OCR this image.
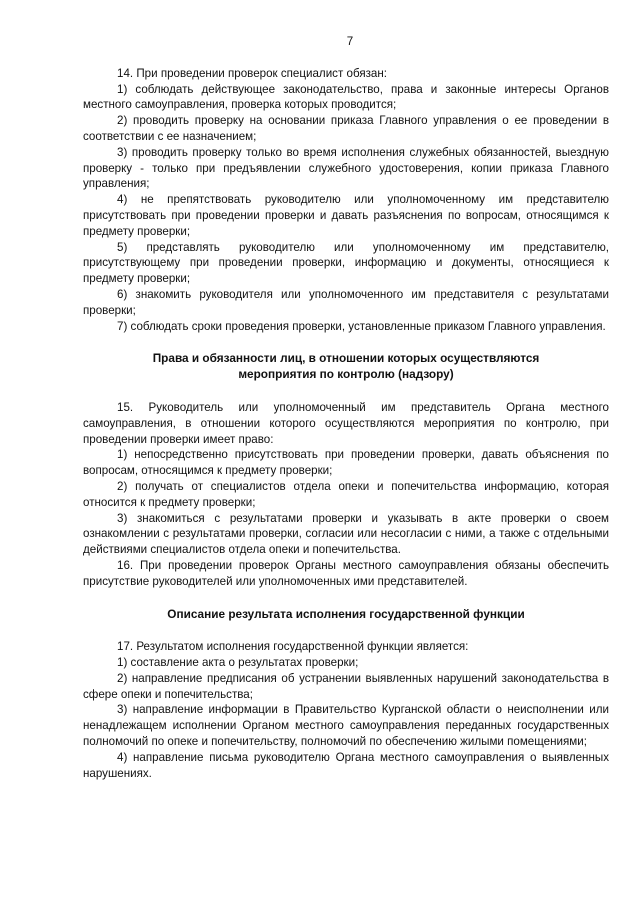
7

14. При проведении проверок специалист обязан:

1) соблюдать действующее законодательство, права и законные интересы Органов местного самоуправления, проверка которых проводится;

2) проводить проверку на основании приказа Главного управления о ее проведении в соответствии с ее назначением;

3) проводить проверку только во время исполнения служебных обязанностей, выездную проверку - только при предъявлении служебного удостоверения, копии приказа Главного управления;

4) не препятствовать руководителю или уполномоченному им представителю присутствовать при проведении проверки и давать разъяснения по вопросам, относящимся к предмету проверки;

5) представлять руководителю или уполномоченному им представителю, присутствующему при проведении проверки, информацию и документы, относящиеся к предмету проверки;

6) знакомить руководителя или уполномоченного им представителя с результатами проверки;

7) соблюдать сроки проведения проверки, установленные приказом Главного управления.

Права и обязанности лиц, в отношении которых осуществляются мероприятия по контролю (надзору)

15. Руководитель или уполномоченный им представитель Органа местного самоуправления, в отношении которого осуществляются мероприятия по контролю, при проведении проверки имеет право:

1) непосредственно присутствовать при проведении проверки, давать объяснения по вопросам, относящимся к предмету проверки;

2) получать от специалистов отдела опеки и попечительства информацию, которая относится к предмету проверки;

3) знакомиться с результатами проверки и указывать в акте проверки о своем ознакомлении с результатами проверки, согласии или несогласии с ними, а также с отдельными действиями специалистов отдела опеки и попечительства.

16. При проведении проверок Органы местного самоуправления обязаны обеспечить присутствие руководителей или уполномоченных ими представителей.

Описание результата исполнения государственной функции

17. Результатом исполнения государственной функции является:

1) составление акта о результатах проверки;

2) направление предписания об устранении выявленных нарушений законодательства в сфере опеки и попечительства;

3) направление информации в Правительство Курганской области о неисполнении или ненадлежащем исполнении Органом местного самоуправления переданных государственных полномочий по опеке и попечительству, полномочий по обеспечению жилыми помещениями;

4) направление письма руководителю Органа местного самоуправления о выявленных нарушениях.
